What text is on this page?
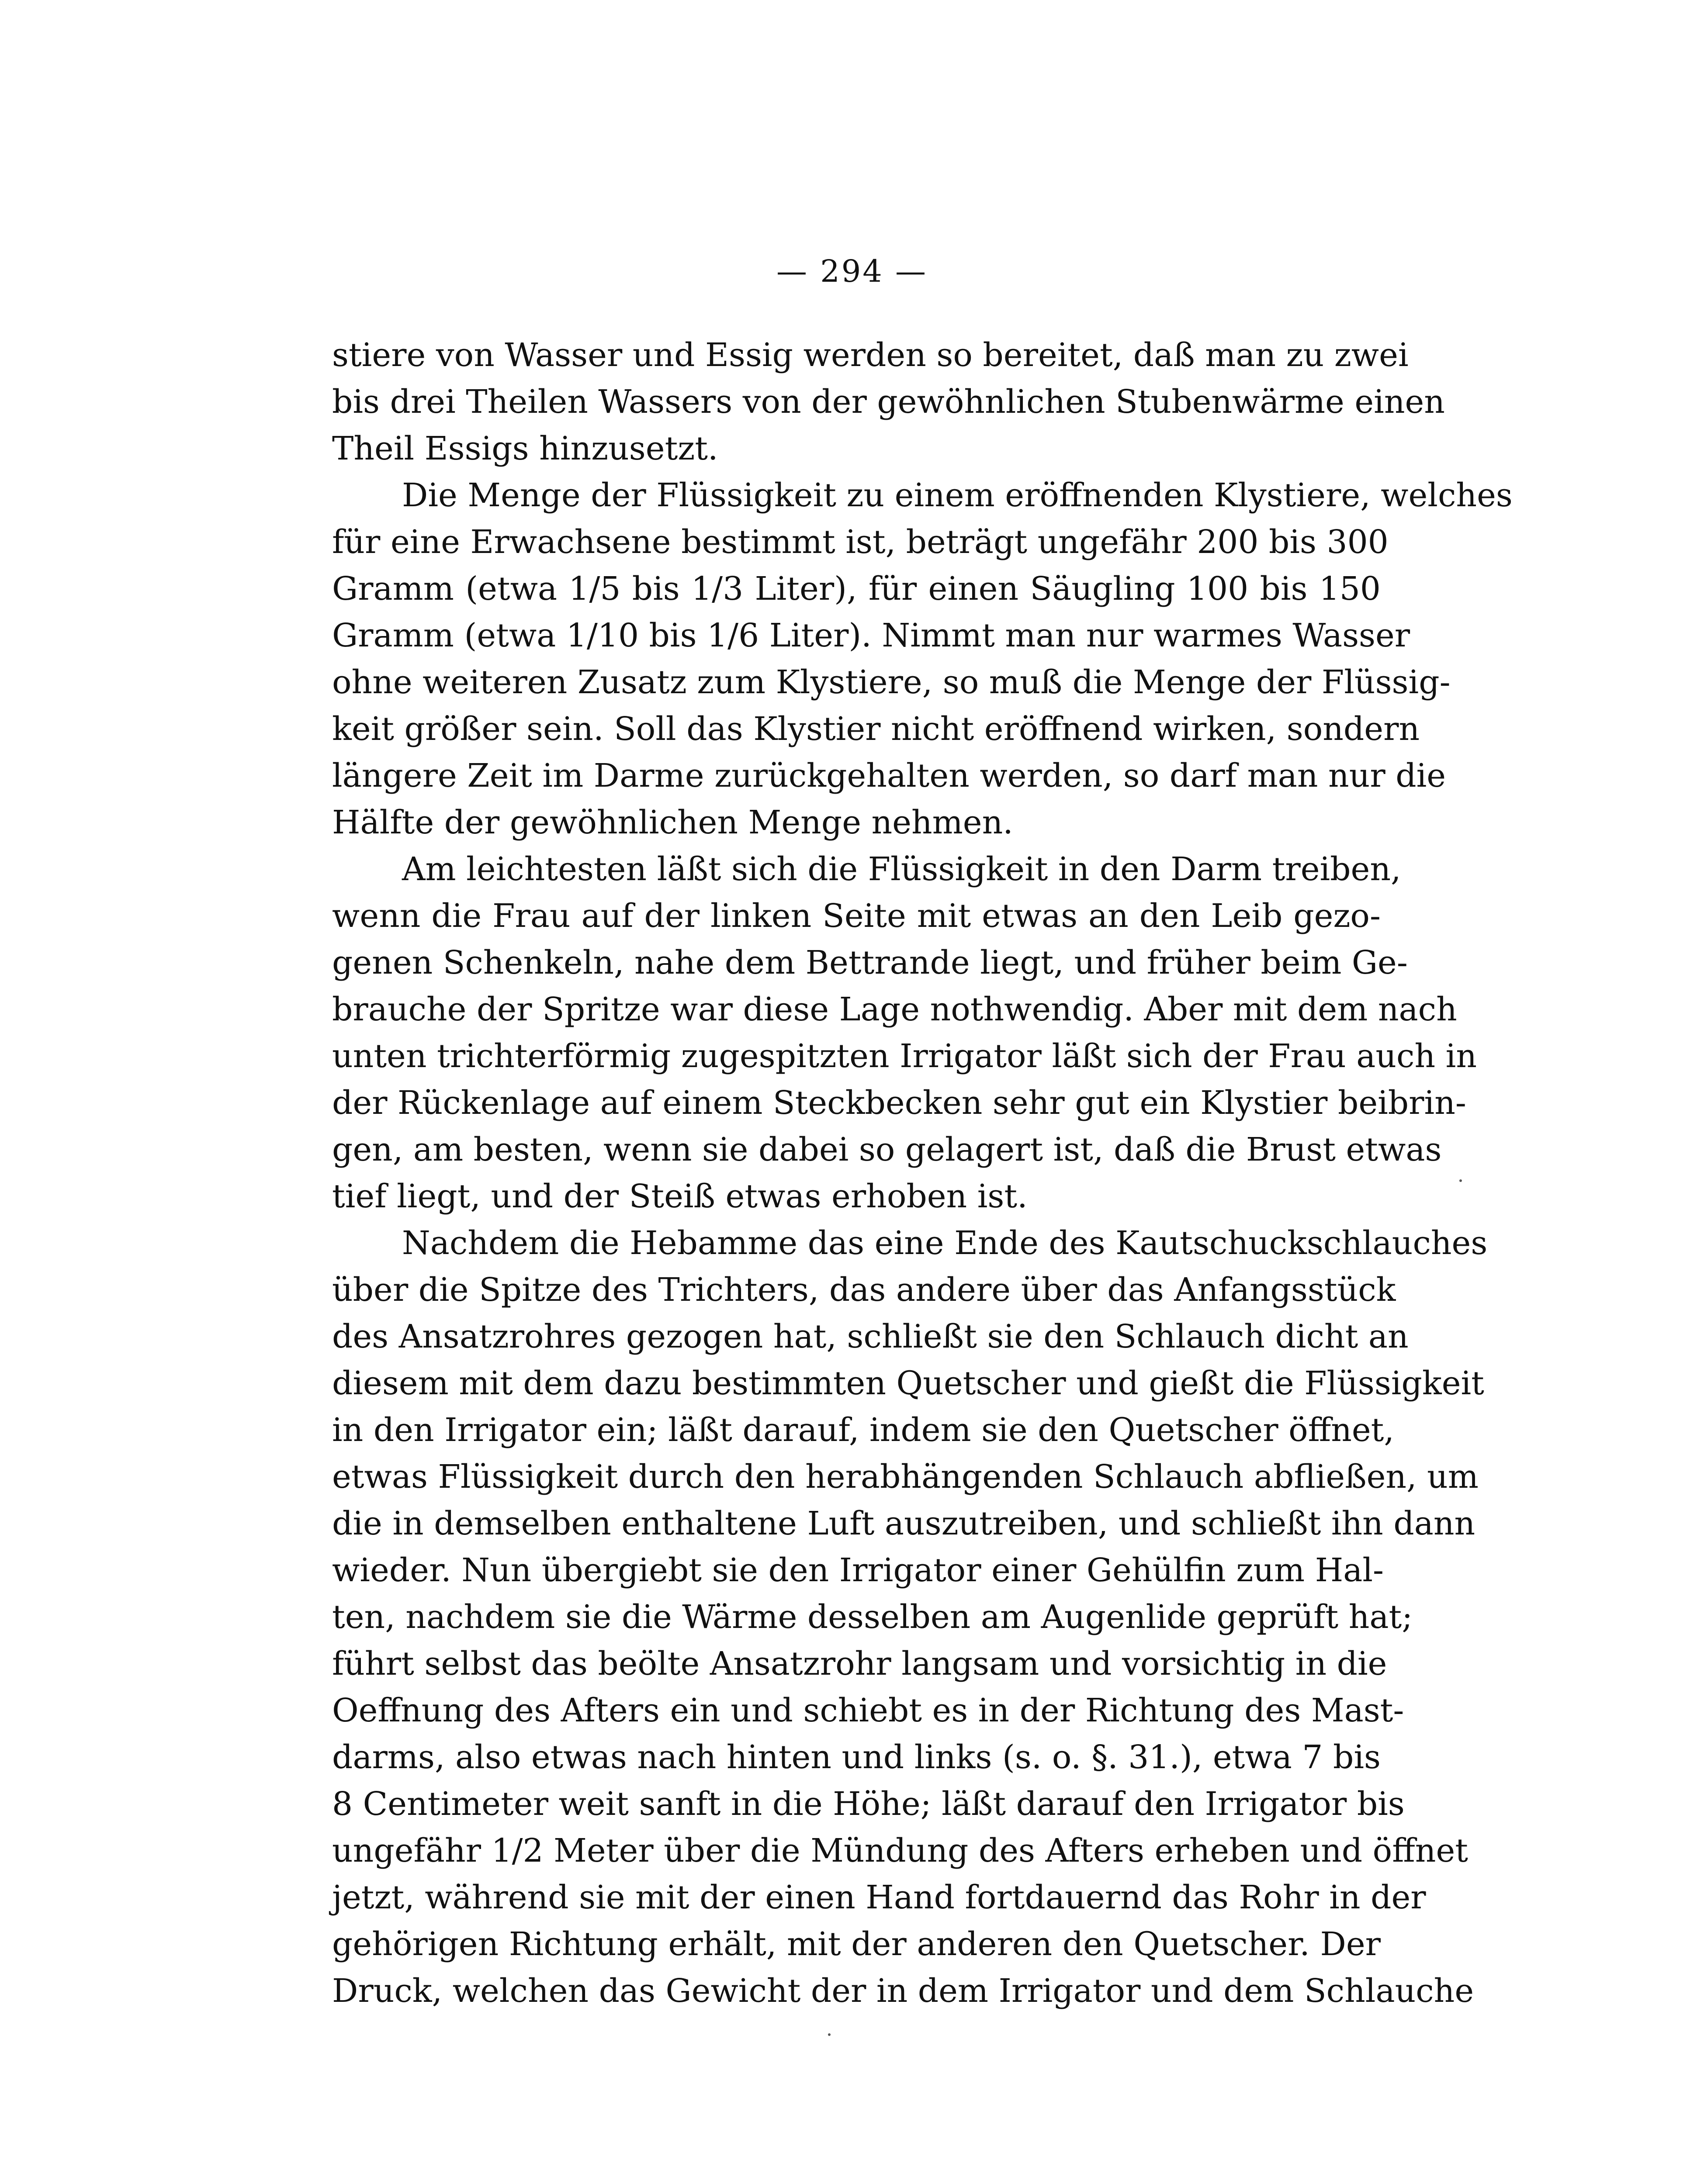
— 294 —
stiere von Wasser und Essig werden so bereitet, daß man zu zwei
bis drei Theilen Wassers von der gewöhnlichen Stubenwärme einen
Theil Essigs hinzusetzt.
Die Menge der Flüssigkeit zu einem eröffnenden Klystiere, welches
für eine Erwachsene bestimmt ist, beträgt ungefähr 200 bis 300
Gramm (etwa 1/5 bis 1/3 Liter), für einen Säugling 100 bis 150
Gramm (etwa 1/10 bis 1/6 Liter). Nimmt man nur warmes Wasser
ohne weiteren Zusatz zum Klystiere, so muß die Menge der Flüssig-
keit größer sein. Soll das Klystier nicht eröffnend wirken, sondern
längere Zeit im Darme zurückgehalten werden, so darf man nur die
Hälfte der gewöhnlichen Menge nehmen.
Am leichtesten läßt sich die Flüssigkeit in den Darm treiben,
wenn die Frau auf der linken Seite mit etwas an den Leib gezo-
genen Schenkeln, nahe dem Bettrande liegt, und früher beim Ge-
brauche der Spritze war diese Lage nothwendig. Aber mit dem nach
unten trichterförmig zugespitzten Irrigator läßt sich der Frau auch in
der Rückenlage auf einem Steckbecken sehr gut ein Klystier beibrin-
gen, am besten, wenn sie dabei so gelagert ist, daß die Brust etwas
tief liegt, und der Steiß etwas erhoben ist.
Nachdem die Hebamme das eine Ende des Kautschuckschlauches
über die Spitze des Trichters, das andere über das Anfangsstück
des Ansatzrohres gezogen hat, schließt sie den Schlauch dicht an
diesem mit dem dazu bestimmten Quetscher und gießt die Flüssigkeit
in den Irrigator ein; läßt darauf, indem sie den Quetscher öffnet,
etwas Flüssigkeit durch den herabhängenden Schlauch abfließen, um
die in demselben enthaltene Luft auszutreiben, und schließt ihn dann
wieder. Nun übergiebt sie den Irrigator einer Gehülfin zum Hal-
ten, nachdem sie die Wärme desselben am Augenlide geprüft hat;
führt selbst das beölte Ansatzrohr langsam und vorsichtig in die
Oeffnung des Afters ein und schiebt es in der Richtung des Mast-
darms, also etwas nach hinten und links (s. o. §. 31.), etwa 7 bis
8 Centimeter weit sanft in die Höhe; läßt darauf den Irrigator bis
ungefähr 1/2 Meter über die Mündung des Afters erheben und öffnet
jetzt, während sie mit der einen Hand fortdauernd das Rohr in der
gehörigen Richtung erhält, mit der anderen den Quetscher. Der
Druck, welchen das Gewicht der in dem Irrigator und dem Schlauche
